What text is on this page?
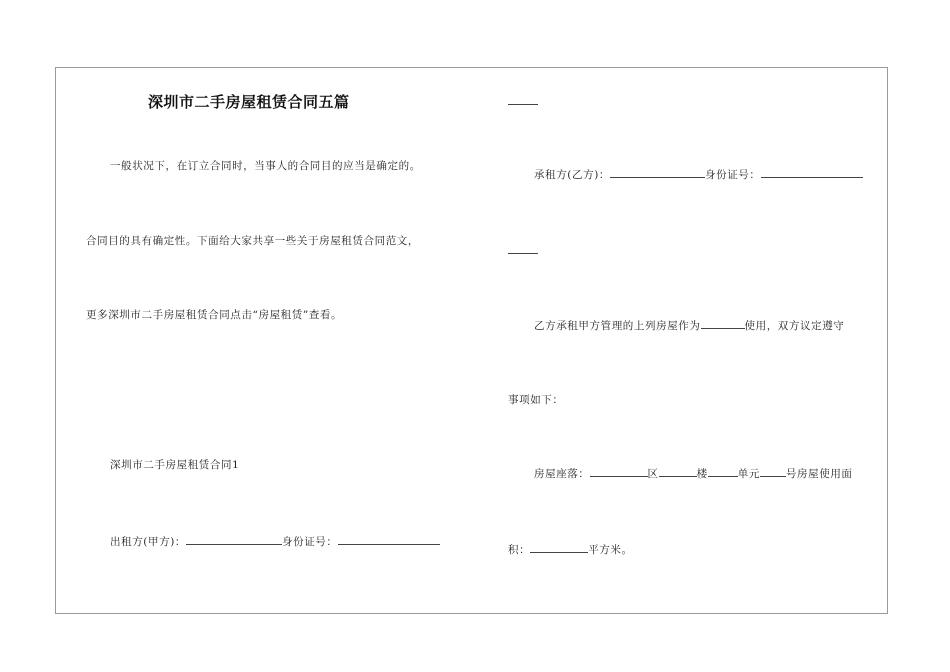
深圳市二手房屋租赁合同五篇
一般状况下，在订立合同时，当事人的合同目的应当是确定的。
合同目的具有确定性。下面给大家共享一些关于房屋租赁合同范文，
更多深圳市二手房屋租赁合同点击“房屋租赁”查看。
深圳市二手房屋租赁合同1
出租方(甲方)：	身份证号：
承租方(乙方)：	身份证号：
乙方承租甲方管理的上列房屋作为	使用，双方议定遵守
事项如下：
房屋座落：	区	楼	单元 号房屋使用面
积：	平方米。
